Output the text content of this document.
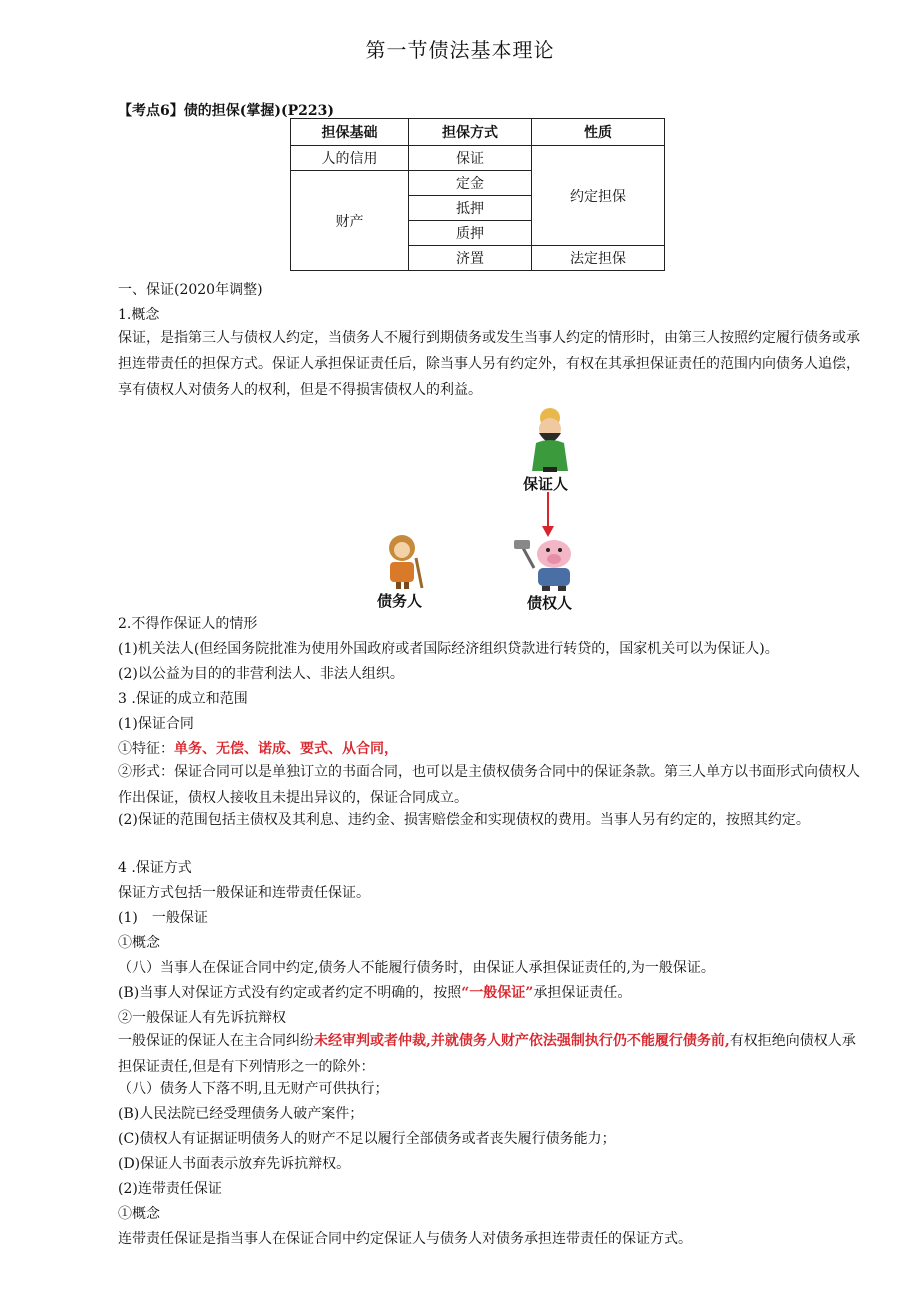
第一节债法基本理论
【考点6】债的担保(掌握)(P223)
担保基础	担保方式	性质
人的信用	保证	约定担保
财产	定金	
	抵押	
	质押	
	济置	法定担保
一、保证(2020年调整)
1.概念
保证，是指第三人与债权人约定，当债务人不履行到期债务或发生当事人约定的情形时，由第三人按照约定履行债务或承担连带责任的担保方式。保证人承担保证责任后，除当事人另有约定外，有权在其承担保证责任的范围内向债务人追偿，享有债权人对债务人的权利，但是不得损害债权人的利益。
保证人
债务人	债权人
2.不得作保证人的情形
(1)机关法人(但经国务院批准为使用外国政府或者国际经济组织贷款进行转贷的，国家机关可以为保证人)。
(2)以公益为目的的非营利法人、非法人组织。
3 .保证的成立和范围
(1)保证合同
①特征：单务、无偿、诺成、要式、从合同，
②形式：保证合同可以是单独订立的书面合同，也可以是主债权债务合同中的保证条款。第三人单方以书面形式向债权人作出保证，债权人接收且未提出异议的，保证合同成立。
(2)保证的范围包括主债权及其利息、违约金、损害赔偿金和实现债权的费用。当事人另有约定的，按照其约定。
4 .保证方式
保证方式包括一般保证和连带责任保证。
(1)　一般保证
①概念
（八）当事人在保证合同中约定,债务人不能履行债务时，由保证人承担保证责任的,为一般保证。
(B)当事人对保证方式没有约定或者约定不明确的，按照“一般保证”承担保证责任。
②一般保证人有先诉抗辩权
一般保证的保证人在主合同纠纷未经审判或者仲裁,并就债务人财产依法强制执行仍不能履行债务前,有权拒绝向债权人承担保证责任,但是有下列情形之一的除外：
（八）债务人下落不明,且无财产可供执行；
(B)人民法院已经受理债务人破产案件；
(C)债权人有证据证明债务人的财产不足以履行全部债务或者丧失履行债务能力；
(D)保证人书面表示放弃先诉抗辩权。
(2)连带责任保证
①概念
连带责任保证是指当事人在保证合同中约定保证人与债务人对债务承担连带责任的保证方式。
